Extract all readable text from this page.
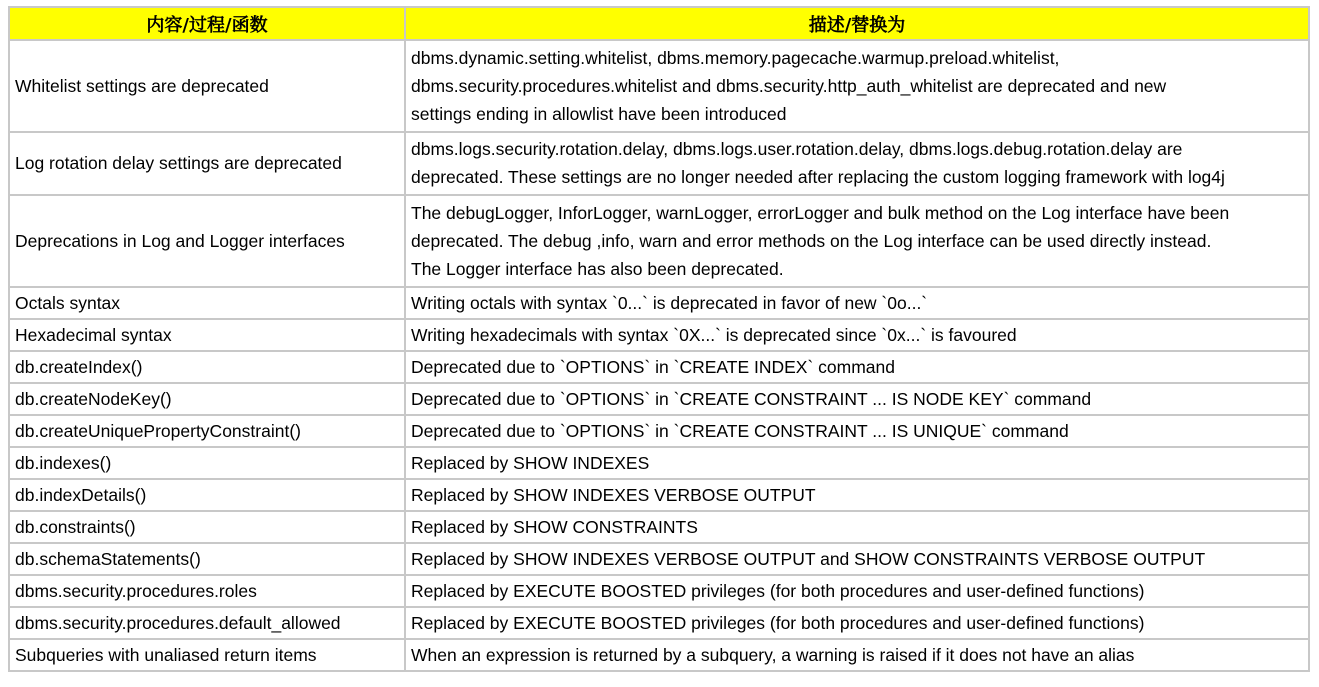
内容/过程/函数	描述/替换为
Whitelist settings are deprecated	dbms.dynamic.setting.whitelist, dbms.memory.pagecache.warmup.preload.whitelist,
dbms.security.procedures.whitelist and dbms.security.http_auth_whitelist are deprecated and new
settings ending in allowlist have been introduced

Log rotation delay settings are deprecated	dbms.logs.security.rotation.delay, dbms.logs.user.rotation.delay, dbms.logs.debug.rotation.delay are
deprecated. These settings are no longer needed after replacing the custom logging framework with log4j

Deprecations in Log and Logger interfaces	The debugLogger, InforLogger, warnLogger, errorLogger and bulk method on the Log interface have been
deprecated. The debug ,info, warn and error methods on the Log interface can be used directly instead.
The Logger interface has also been deprecated.

Octals syntax	Writing octals with syntax `0...` is deprecated in favor of new `0o...`

Hexadecimal syntax	Writing hexadecimals with syntax `0X...` is deprecated since `0x...` is favoured

db.createIndex()	Deprecated due to `OPTIONS` in `CREATE INDEX` command

db.createNodeKey()	Deprecated due to `OPTIONS` in `CREATE CONSTRAINT ... IS NODE KEY` command

db.createUniquePropertyConstraint()	Deprecated due to `OPTIONS` in `CREATE CONSTRAINT ... IS UNIQUE` command

db.indexes()	Replaced by SHOW INDEXES

db.indexDetails()	Replaced by SHOW INDEXES VERBOSE OUTPUT

db.constraints()	Replaced by SHOW CONSTRAINTS

db.schemaStatements()	Replaced by SHOW INDEXES VERBOSE OUTPUT and SHOW CONSTRAINTS VERBOSE OUTPUT

dbms.security.procedures.roles	Replaced by EXECUTE BOOSTED privileges (for both procedures and user-defined functions)

dbms.security.procedures.default_allowed	Replaced by EXECUTE BOOSTED privileges (for both procedures and user-defined functions)

Subqueries with unaliased return items	When an expression is returned by a subquery, a warning is raised if it does not have an alias
